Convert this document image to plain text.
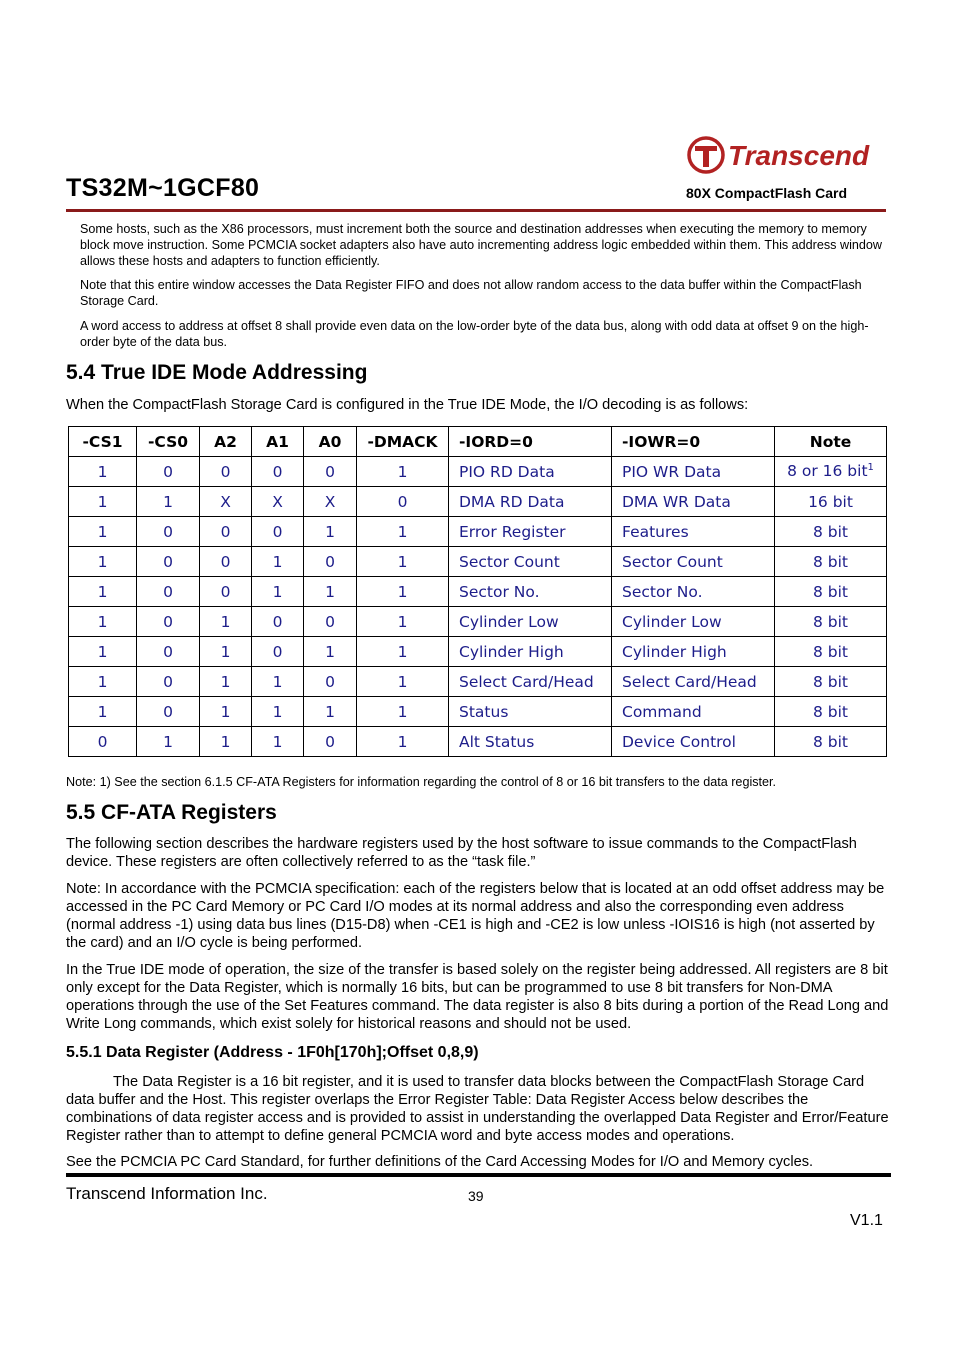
Transcend
TS32M~1GCF80	80X CompactFlash Card
Some hosts, such as the X86 processors, must increment both the source and destination addresses when executing the memory to memory block move instruction. Some PCMCIA socket adapters also have auto incrementing address logic embedded within them. This address window allows these hosts and adapters to function efficiently.
Note that this entire window accesses the Data Register FIFO and does not allow random access to the data buffer within the CompactFlash Storage Card.
A word access to address at offset 8 shall provide even data on the low-order byte of the data bus, along with odd data at offset 9 on the high-order byte of the data bus.
5.4 True IDE Mode Addressing
When the CompactFlash Storage Card is configured in the True IDE Mode, the I/O decoding is as follows:
-CS1	-CS0	A2	A1	A0	-DMACK	-IORD=0	-IOWR=0	Note
1	0	0	0	0	1	PIO RD Data	PIO WR Data	8 or 16 bit$^1$
1	1	X	X	X	0	DMA RD Data	DMA WR Data	16 bit
1	0	0	0	1	1	Error Register	Features	8 bit
1	0	0	1	0	1	Sector Count	Sector Count	8 bit
1	0	0	1	1	1	Sector No.	Sector No.	8 bit
1	0	1	0	0	1	Cylinder Low	Cylinder Low	8 bit
1	0	1	0	1	1	Cylinder High	Cylinder High	8 bit
1	0	1	1	0	1	Select Card/Head	Select Card/Head	8 bit
1	0	1	1	1	1	Status	Command	8 bit
0	1	1	1	0	1	Alt Status	Device Control	8 bit
Note: 1) See the section 6.1.5 CF-ATA Registers for information regarding the control of 8 or 16 bit transfers to the data register.
5.5 CF-ATA Registers
The following section describes the hardware registers used by the host software to issue commands to the CompactFlash device. These registers are often collectively referred to as the “task file.”
Note: In accordance with the PCMCIA specification: each of the registers below that is located at an odd offset address may be accessed in the PC Card Memory or PC Card I/O modes at its normal address and also the corresponding even address (normal address -1) using data bus lines (D15-D8) when -CE1 is high and -CE2 is low unless -IOIS16 is high (not asserted by the card) and an I/O cycle is being performed.
In the True IDE mode of operation, the size of the transfer is based solely on the register being addressed. All registers are 8 bit only except for the Data Register, which is normally 16 bits, but can be programmed to use 8 bit transfers for Non-DMA operations through the use of the Set Features command. The data register is also 8 bits during a portion of the Read Long and Write Long commands, which exist solely for historical reasons and should not be used.
5.5.1 Data Register (Address - 1F0h[170h];Offset 0,8,9)
The Data Register is a 16 bit register, and it is used to transfer data blocks between the CompactFlash Storage Card data buffer and the Host. This register overlaps the Error Register Table: Data Register Access below describes the combinations of data register access and is provided to assist in understanding the overlapped Data Register and Error/Feature Register rather than to attempt to define general PCMCIA word and byte access modes and operations.
See the PCMCIA PC Card Standard, for further definitions of the Card Accessing Modes for I/O and Memory cycles.
Transcend Information Inc.	39
V1.1
